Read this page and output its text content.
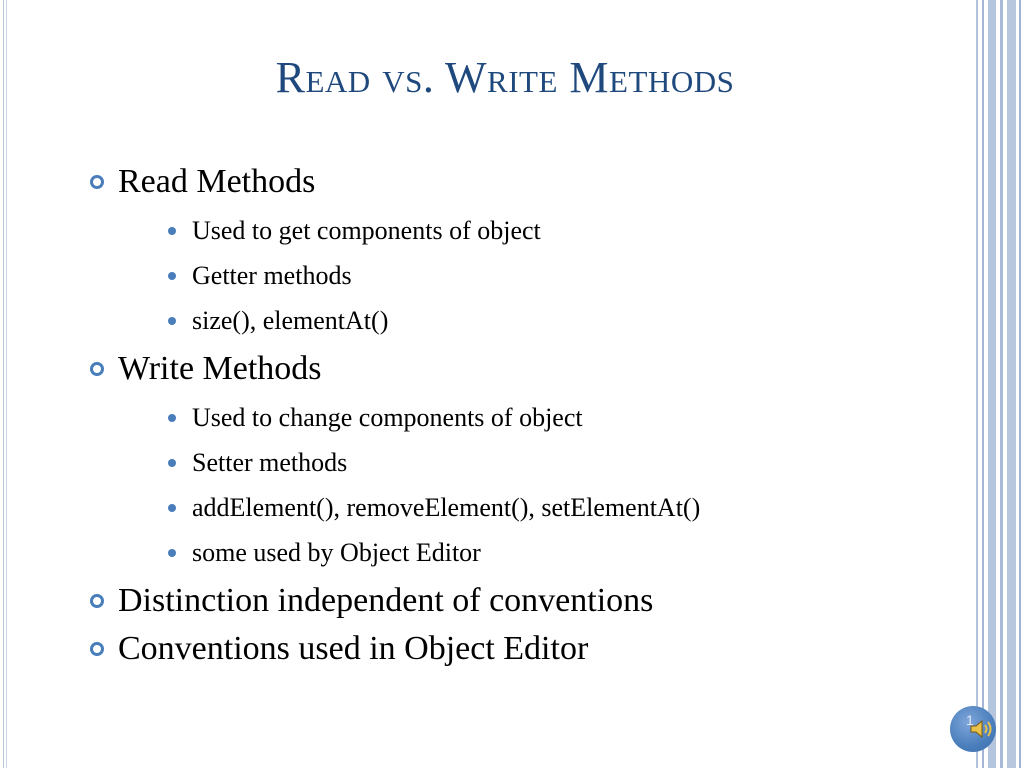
Read vs. Write Methods
Read Methods
Used to get components of object
Getter methods
size(), elementAt()
Write Methods
Used to change components of object
Setter methods
addElement(), removeElement(), setElementAt()
some used by Object Editor
Distinction independent of conventions
Conventions used in Object Editor
1
